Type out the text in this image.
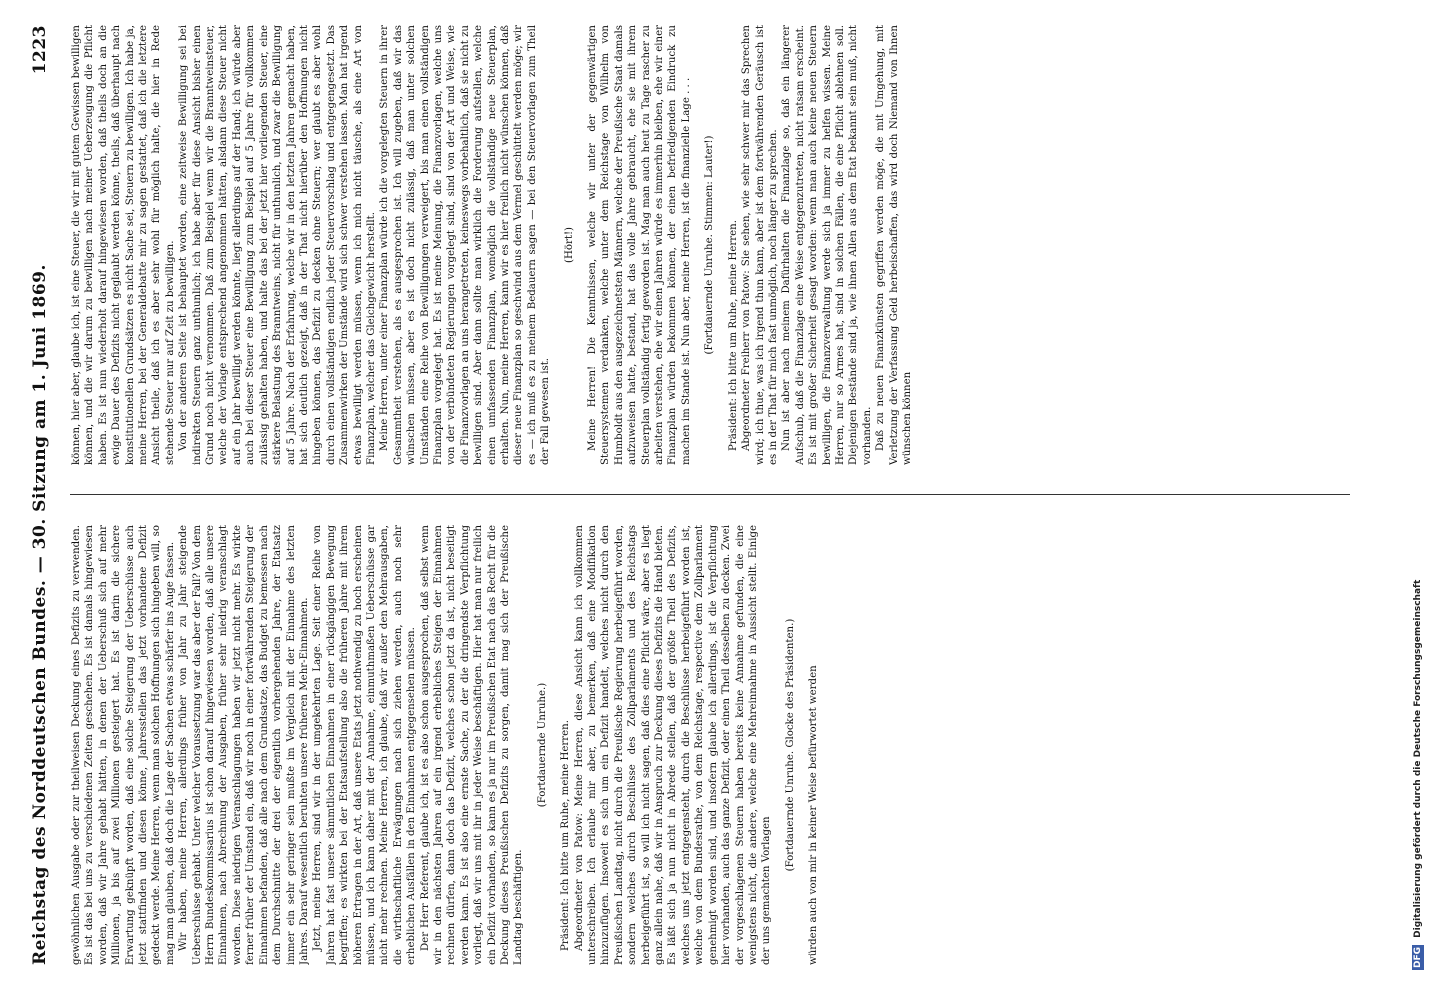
Reichstag des Norddeutschen Bundes. — 30. Sitzung am 1. Juni 1869.
1223

gewöhnlichen Ausgabe oder zur theilweisen Deckung eines Defizits zu verwenden. Es ist das bei uns zu verschiedenen Zeiten geschehen. Es ist damals hingewiesen worden, daß wir Jahre gehabt hätten, in denen der Ueberschuß sich auf mehr Millionen, ja bis auf zwei Millionen gesteigert hat. Es ist darin die sichere Erwartung geknüpft worden, daß eine solche Steigerung der Ueberschüsse auch jetzt stattfinden und diesen könne, Jahresstellen das jetzt vorhandene Defizit gedeckt werde. Meine Herren, wenn man solchen Hoffnungen sich hingeben will, so mag man glauben, daß doch die Lage der Sachen etwas schärfer ins Auge fassen. Wir haben, meine Herren, allerdings früher von Jahr zu Jahr steigende Ueberschüsse gehabt. Unter welcher Voraussetzung war das aber der Fall? Von dem Herrn Bundeskommissarius ist schon darauf hingewiesen worden, daß alle unsere Einnahmen, nach Abrechnung der Ausgaben, früher sehr niedrig veranschlagt worden. Diese niedrigen Veranschlagungen haben wir jetzt nicht mehr. Es wirkte ferner früher der Umstand ein, daß wir noch in einer fortwährenden Steigerung der Einnahmen befanden, daß alle nach dem Grundsatze, das Budget zu bemessen nach dem Durchschnitte der drei der eigentlich vorhergehenden Jahre, der Etatsatz immer ein sehr geringer sein mußte im Vergleich mit der Einnahme des letzten Jahres. Darauf wesentlich beruhten unsere früheren Mehr-Einnahmen. Jetzt, meine Herren, sind wir in der umgekehrten Lage. Seit einer Reihe von Jahren hat fast unsere sämmtlichen Einnahmen in einer rückgängigen Bewegung begriffen; es wirkten bei der Etatsaufstellung also die früheren Jahre mit ihrem höheren Ertragen in der Art, daß unsere Etats jetzt nothwendig zu hoch erscheinen müssen, und ich kann daher mit der Annahme, einmuthmaßen Ueberschüsse gar nicht mehr rechnen. Meine Herren, ich glaube, daß wir außer den Mehrausgaben, die wirthschaftliche Erwägungen nach sich ziehen werden, auch noch sehr erheblichen Ausfällen in den Einnahmen entgegensehen müssen. Der Herr Referent, glaube ich, ist es also schon ausgesprochen, daß selbst wenn wir in den nächsten Jahren auf ein irgend erhebliches Steigen der Einnahmen rechnen dürfen, dann doch das Defizit, welches schon jetzt da ist, nicht beseitigt werden kann. Es ist also eine ernste Sache, zu der die dringendste Verpflichtung vorliegt, daß wir uns mit ihr in jeder Weise beschäftigen. Hier hat man nur freilich ein Defizit vorhanden, so kann es ja nur im Preußischen Etat nach das Recht für die Deckung dieses Preußischen Defizits zu sorgen, damit mag sich der Preußische Landtag beschäftigen.

(Fortdauernde Unruhe.) Präsident: Ich bitte um Ruhe, meine Herren. Abgeordneter von Patow: Meine Herren, diese Ansicht kann ich vollkommen unterschreiben. Ich erlaube mir aber, zu bemerken, daß eine Modifikation hinzuzufügen. Insoweit es sich um ein Defizit handelt, welches nicht durch den Preußischen Landtag, nicht durch die Preußische Regierung herbeigeführt worden, sondern welches durch Beschlüsse des Zollparlaments und des Reichstags herbeigeführt ist, so will ich nicht sagen, daß dies eine Pflicht wäre, aber es liegt ganz allein nahe, daß wir in Anspruch zur Deckung dieses Defizits die Hand bieten. Es läßt sich ja nun nicht in Abrede stellen, daß der größte Theil des Defizits, welches uns jetzt entgegensteht, durch die Beschlüsse herbeigeführt worden ist, welche von dem Bundesrathe, von dem Reichstage, respective dem Zollparlament genehmigt worden sind, und insofern glaube ich allerdings, ist die Verpflichtung hier vorhanden, auch das ganze Defizit, oder einen Theil desselben zu decken. Zwei der vorgeschlagenen Steuern haben bereits keine Annahme gefunden, die eine wenigstens nicht, die andere, welche eine Mehreinnahme in Aussicht stellt. Einige der uns gemachten Vorlagen

(Fortdauernde Unruhe. Glocke des Präsidenten.) würden auch von mir in keiner Weise befürwortet werden

können, hier aber, glaube ich, ist eine Steuer, die wir mit gutem Gewissen bewilligen können, und die wir darum zu bewilligen nach meiner Ueberzeugung die Pflicht haben. Es ist nun wiederholt darauf hingewiesen worden, daß theils doch an die ewige Dauer des Defizits nicht geglaubt werden könne, theils, daß überhaupt nach konstitutionellen Grundsätzen es nicht Sache sei, Steuern zu bewilligen. Ich habe ja, meine Herren, bei der Generaldebatte mir zu sagen gestattet, daß ich die letztere Ansicht theile, daß ich es aber sehr wohl für möglich halte, die hier in Rede stehende Steuer nur auf Zeit zu bewilligen. Von der anderen Seite ist behauptet worden, eine zeitweise Bewilligung sei bei indirekten Steuern ganz unthunlich; ich habe aber für diese Ansicht bisher einen Grund noch nicht vernommen. Daß zum Beispiel wenn wir die Branntweinsteuer, welche der Vorlage entsprechend angenommen hätten, alsdann diese Steuer nicht auf ein Jahr bewilligt werden könnte, liegt allerdings auf der Hand; ich würde aber auch bei dieser Steuer eine Bewilligung zum Beispiel auf 5 Jahre für vollkommen zulässig gehalten haben, und halte das bei der jetzt hier vorliegenden Steuer, eine stärkere Belastung des Branntweins, nicht für unthunlich, und zwar die Bewilligung auf 5 Jahre. Nach der Erfahrung, welche wir in den letzten Jahren gemacht haben, hat sich deutlich gezeigt, daß in der That nicht hierüber den Hoffnungen nicht hingeben können, das Defizit zu decken ohne Steuern; wer glaubt es aber wohl durch einen vollständigen endlich jeder Steuervorschlag und entgegengesetzt. Das Zusammenwirken der Umstände wird sich schwer verstehen lassen. Man hat irgend etwas bewilligt werden müssen, wenn ich mich nicht täusche, als eine Art von Finanzplan, welcher das Gleichgewicht herstellt. Meine Herren, unter einer Finanzplan würde ich die vorgelegten Steuern in ihrer Gesammtheit verstehen, als es ausgesprochen ist. Ich will zugeben, daß wir das wünschen müssen, aber es ist doch nicht zulässig, daß man unter solchen Umständen eine Reihe von Bewilligungen verweigert, bis man einen vollständigen Finanzplan vorgelegt hat. Es ist meine Meinung, die Finanzvorlagen, welche uns von der verbündeten Regierungen vorgelegt sind, sind von der Art und Weise, wie die Finanzvorlagen an uns herangetreten, keineswegs vorbehaltlich, daß sie nicht zu bewilligen sind. Aber dann sollte man wirklich die Forderung aufstellen, welche einen umfassenden Finanzplan, womöglich die vollständige neue Steuerplan, erhalten. Nun, meine Herren, kann wir es hier freilich nicht wünschen können, daß dieser neue Finanzplan so geschwind aus dem Vermel geschüttelt werden möge; wir es — ich muß es zu meinem Bedauern sagen — bei den Steuervorlagen zum Theil der Fall gewesen ist.

(Hört!) Meine Herren! Die Kenntnissen, welche wir unter der gegenwärtigen Steuersystemen verdanken, welche unter dem Reichstage von Wilhelm von Humboldt aus den ausgezeichnetsten Männern, welche der Preußische Staat damals aufzuweisen hatte, bestand, hat das volle Jahre gebraucht, ehe sie mit ihrem Steuerplan vollständig fertig geworden ist. Mag man auch heut zu Tage rascher zu arbeiten verstehen, ehe wir einen Jahren würde es immerhin bleiben, ehe wir einer Finanzplan würden bekommen können, der einen befriedigenden Eindruck zu machen im Stande ist. Nun aber, meine Herren, ist die finanzielle Lage . . . (Fortdauernde Unruhe. Stimmen: Lauter!) Präsident: Ich bitte um Ruhe, meine Herren. Abgeordneter Freiherr von Patow: Sie sehen, wie sehr schwer mir das Sprechen wird; ich thue, was ich irgend thun kann, aber ist dem fortwährenden Geräusch ist es in der That für mich fast unmöglich, noch länger zu sprechen. Nun ist aber nach meinem Dafürhalten die Finanzlage so, daß ein längerer Aufschub, daß die Finanzlage eine Weise entgegenzutreten, nicht ratsam erscheint. Es ist mit großer Sicherheit gesagt worden: wenn man auch keine neuen Steuern bewilligen, die Finanzverwaltung werde sich ja immer zu helfen wissen. Meine Herren, nur so Armes hat, sind in solchen Fällen, die eine Pflicht ablehnen soll. Diejenigen Bestände sind ja, wie ihnen Allen aus dem Etat bekannt sein muß, nicht vorhanden. Daß zu neuen Finanzkünsten gegriffen werden möge, die mit Umgehung, mit Verletzung der Verfassung Geld herbeischaffen, das wird doch Niemand von Ihnen wünschen können

DFG Digitalisierung gefördert durch die Deutsche Forschungsgemeinschaft
